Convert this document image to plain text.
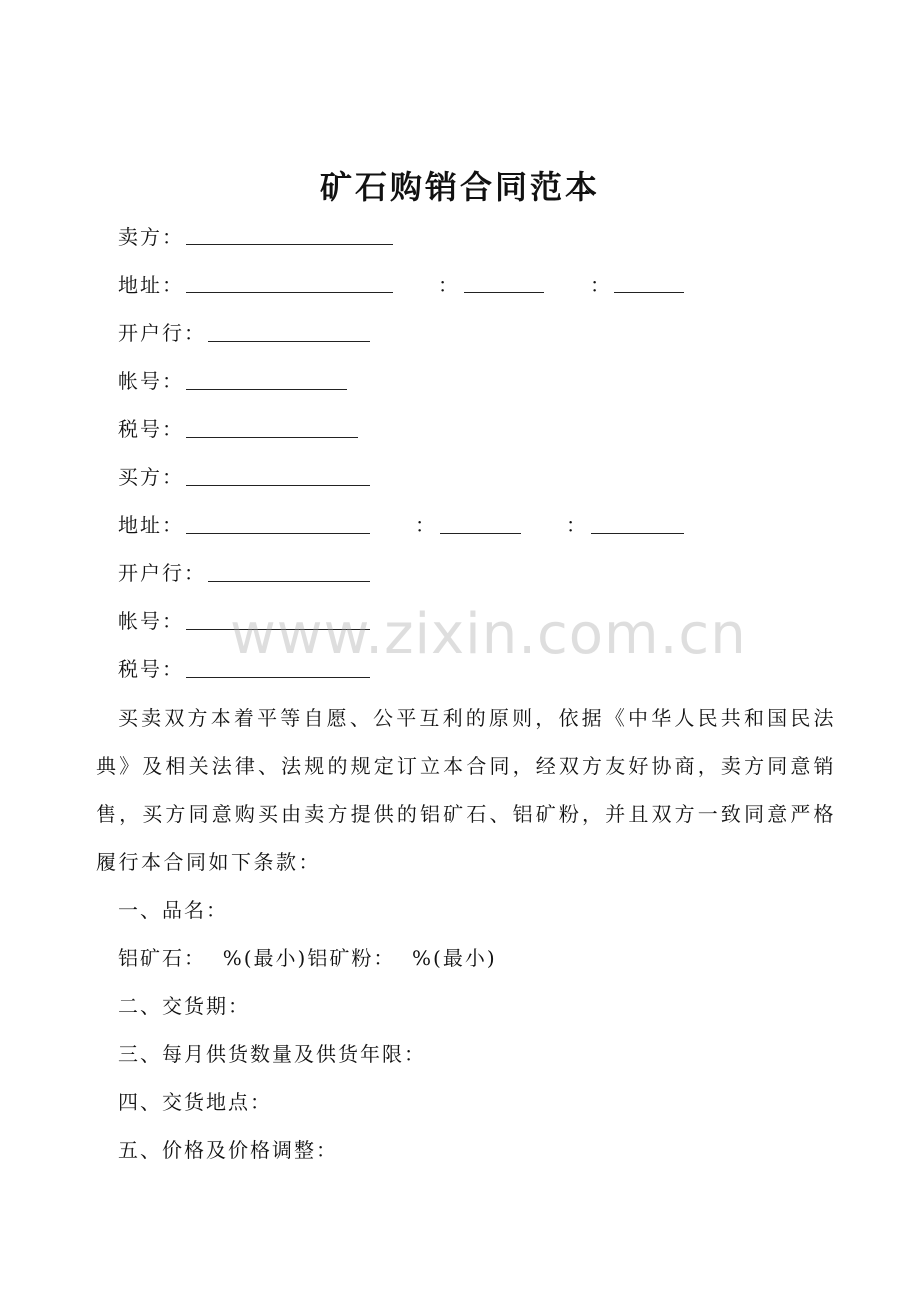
矿石购销合同范本
卖方：
地址：	：	：
开户行：
帐号：
税号：
买方：
地址：	：	：
开户行：
帐号：
税号：
买卖双方本着平等自愿、公平互利的原则，依据《中华人民共和国民法典》及相关法律、法规的规定订立本合同，经双方友好协商，卖方同意销售，买方同意购买由卖方提供的铝矿石、铝矿粉，并且双方一致同意严格履行本合同如下条款：
一、品名：
铝矿石：  %(最小)铝矿粉：  %(最小)
二、交货期：
三、每月供货数量及供货年限：
四、交货地点：
五、价格及价格调整：
www.zixin.com.cn
